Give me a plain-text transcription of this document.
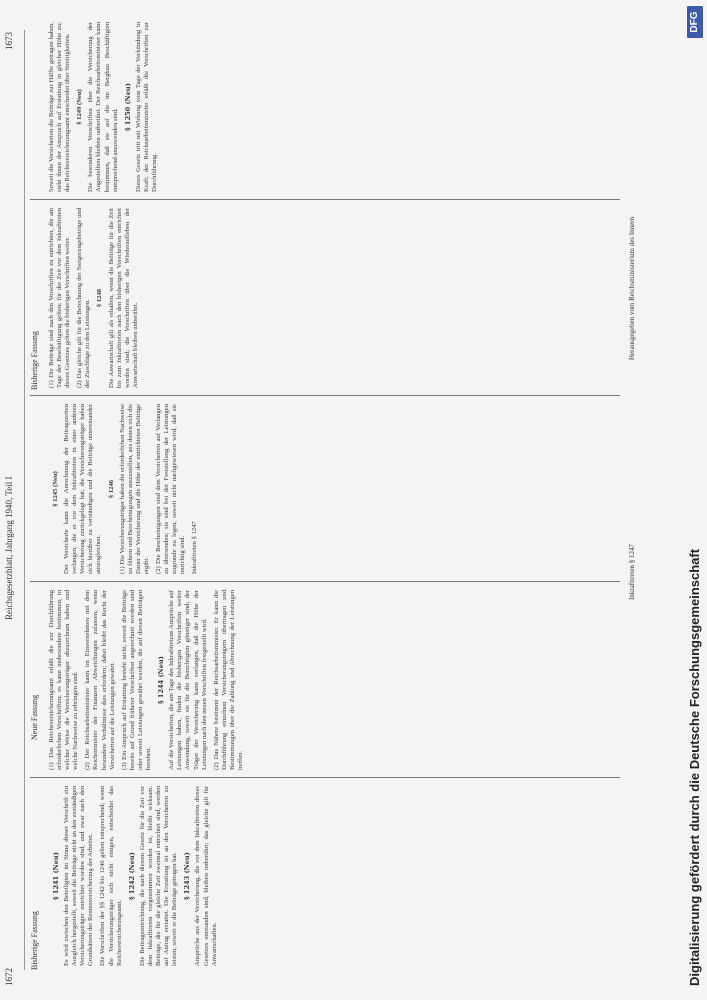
1672
Reichsgesetzblatt, Jahrgang 1940, Teil I
1673
Bisherige Fassung
Neue Fassung
Bisherige Fassung
§ 1241 (Neu) Es wird zwischen den Beteiligten im Sinne dieser Vorschrift ein Ausgleich hergestellt, soweit die Beiträge nicht an den zuständigen Versicherungsträger entrichtet worden sind, und zwar nach den Grundsätzen der Rentenversicherung der Arbeiter. Die Vorschriften der §§ 1242 bis 1246 gelten entsprechend; wenn die Versicherungsträger sich nicht einigen, entscheidet das Reichsversicherungsamt.

§ 1242 (Neu) Die Beitragsentrichtung, die nach diesem Gesetz für die Zeit vor dem Inkrafttreten vorgenommen worden ist, bleibt wirksam. Beiträge, die für die gleiche Zeit zweimal entrichtet sind, werden auf Antrag erstattet. Die Erstattung ist an den Versicherten zu leisten, soweit er die Beiträge getragen hat. § 1243 (Neu) Ansprüche aus der Versicherung, die vor dem Inkrafttreten dieses Gesetzes entstanden sind, bleiben unberührt; das gleiche gilt für Anwartschaften.

(1) Das Reichsversicherungsamt erläßt die zur Durchführung erforderlichen Vorschriften; es kann insbesondere bestimmen, in welcher Weise die Versicherungsträger abzurechnen haben und welche Nachweise zu erbringen sind. (2) Der Reichsarbeitsminister kann im Einvernehmen mit dem Reichsminister der Finanzen Abweichungen zulassen, wenn besondere Verhältnisse dies erfordern; dabei bleibt das Recht der Versicherten auf die Leistungen gewahrt. (3) Ein Anspruch auf Erstattung besteht nicht, soweit die Beiträge bereits auf Grund früherer Vorschriften angerechnet worden sind oder soweit Leistungen gewährt wurden, die auf diesen Beiträgen beruhen.

§ 1244 (Neu) Auf die Versicherten, die am Tage des Inkrafttretens Ansprüche auf Leistungen haben, finden die bisherigen Vorschriften weiter Anwendung, soweit sie für die Berechtigten günstiger sind; der Träger der Versicherung kann verlangen, daß die Höhe der Leistungen nach den neuen Vorschriften festgestellt wird. (2) Das Nähere bestimmt der Reichsarbeitsminister. Er kann die Durchführung einzelnen Versicherungsträgern übertragen und Bestimmungen über die Zahlung und Abrechnung der Leistungen treffen.

§ 1245 (Neu) Der Versicherte kann die Anrechnung der Beitragszeiten verlangen, die er vor dem Inkrafttreten in einer anderen Versicherung zurückgelegt hat; die Versicherungsträger haben sich hierüber zu verständigen und die Beiträge untereinander auszugleichen.

§ 1246 (1) Die Versicherungsträger haben die erforderlichen Nachweise zu führen und Bescheinigungen auszustellen, aus denen sich die Dauer der Versicherung und die Höhe der entrichteten Beiträge ergibt. (2) Die Bescheinigungen sind dem Versicherten auf Verlangen zu übersenden; sie sind bei der Feststellung der Leistungen zugrunde zu legen, soweit nicht nachgewiesen wird, daß sie unrichtig sind. Inkrafttreten § 1247

(1) Die Beiträge sind nach den Vorschriften zu entrichten, die am Tage der Beschäftigung gelten; für die Zeit vor dem Inkrafttreten dieses Gesetzes gelten die bisherigen Vorschriften weiter. (2) Das gleiche gilt für die Berechnung der Steigerungsbeträge und der Zuschläge zu den Leistungen.

§ 1248 Die Anwartschaft gilt als erhalten, wenn die Beiträge für die Zeit bis zum Inkrafttreten nach den bisherigen Vorschriften entrichtet worden sind; die Vorschriften über die Wiederaufleben der Anwartschaft bleiben unberührt.

Soweit die Versicherten die Beiträge zur Hälfte getragen haben, steht ihnen der Anspruch auf Erstattung in gleicher Höhe zu; das Reichsversicherungsamt entscheidet über Streitigkeiten. § 1249 (Neu) Die besonderen Vorschriften über die Versicherung der Angestellten bleiben unberührt. Der Reichsarbeitsminister kann bestimmen, daß sie auf die im Bergbau Beschäftigten entsprechend anzuwenden sind.

§ 1250 (Neu) Dieses Gesetz tritt mit Wirkung vom Tage der Verkündung in Kraft; der Reichsarbeitsminister erläßt die Vorschriften zur Durchführung.

Inkrafttreten § 1247
Herausgegeben vom Reichsministerium des Innern
Digitalisierung gefördert durch die Deutsche Forschungsgemeinschaft
DFG
